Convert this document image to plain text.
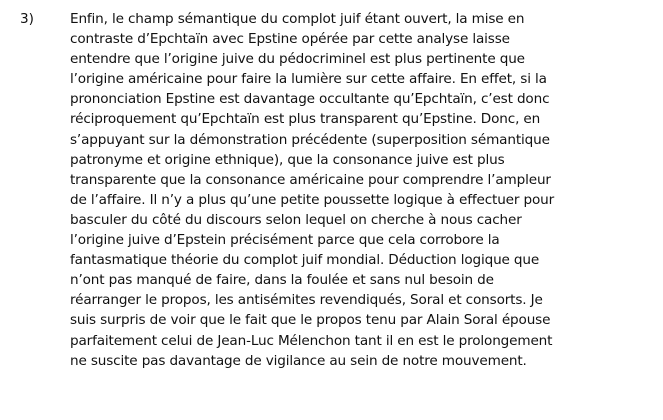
3)	Enfin, le champ sémantique du complot juif étant ouvert, la mise en
contraste d’Epchtaïn avec Epstine opérée par cette analyse laisse
entendre que l’origine juive du pédocriminel est plus pertinente que
l’origine américaine pour faire la lumière sur cette affaire. En effet, si la
prononciation Epstine est davantage occultante qu’Epchtaïn, c’est donc
réciproquement qu’Epchtaïn est plus transparent qu’Epstine. Donc, en
s’appuyant sur la démonstration précédente (superposition sémantique
patronyme et origine ethnique), que la consonance juive est plus
transparente que la consonance américaine pour comprendre l’ampleur
de l’affaire. Il n’y a plus qu’une petite poussette logique à effectuer pour
basculer du côté du discours selon lequel on cherche à nous cacher
l’origine juive d’Epstein précisément parce que cela corrobore la
fantasmatique théorie du complot juif mondial. Déduction logique que
n’ont pas manqué de faire, dans la foulée et sans nul besoin de
réarranger le propos, les antisémites revendiqués, Soral et consorts. Je
suis surpris de voir que le fait que le propos tenu par Alain Soral épouse
parfaitement celui de Jean-Luc Mélenchon tant il en est le prolongement
ne suscite pas davantage de vigilance au sein de notre mouvement.
